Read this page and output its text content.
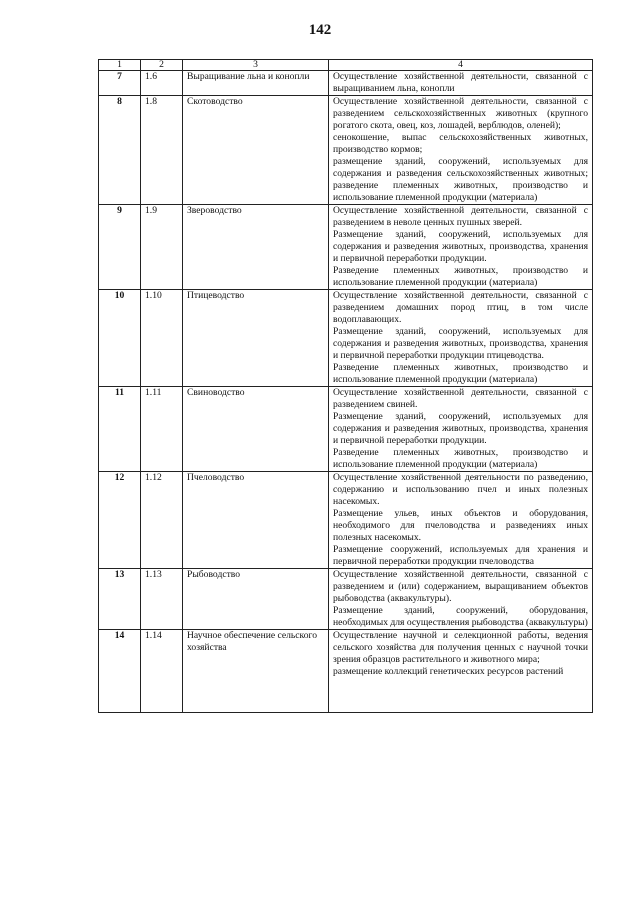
142
1	2	3	4
7	1.6	Выращивание льна и конопли	Осуществление хозяйственной деятельности, связанной с выращиванием льна, конопли

8	1.8	Скотоводство	Осуществление хозяйственной деятельности, связанной с разведением сельскохозяйственных животных (крупного рогатого скота, овец, коз, лошадей, верблюдов, оленей);

сенокошение, выпас сельскохозяйственных животных, производство кормов;

размещение зданий, сооружений, используемых для содержания и разведения сельскохозяйственных животных; разведение племенных животных, производство и использование племенной продукции (материала)

9	1.9	Звероводство	Осуществление хозяйственной деятельности, связанной с разведением в неволе ценных пушных зверей.

Размещение зданий, сооружений, используемых для содержания и разведения животных, производства, хранения и первичной переработки продукции.

Разведение племенных животных, производство и использование племенной продукции (материала)

10	1.10	Птицеводство	Осуществление хозяйственной деятельности, связанной с разведением домашних пород птиц, в том числе водоплавающих.

Размещение зданий, сооружений, используемых для содержания и разведения животных, производства, хранения и первичной переработки продукции птицеводства.

Разведение племенных животных, производство и использование племенной продукции (материала)

11	1.11	Свиноводство	Осуществление хозяйственной деятельности, связанной с разведением свиней.

Размещение зданий, сооружений, используемых для содержания и разведения животных, производства, хранения и первичной переработки продукции.

Разведение племенных животных, производство и использование племенной продукции (материала)

12	1.12	Пчеловодство	Осуществление хозяйственной деятельности по разведению, содержанию и использованию пчел и иных полезных насекомых.

Размещение ульев, иных объектов и оборудования, необходимого для пчеловодства и разведениях иных полезных насекомых.

Размещение сооружений, используемых для хранения и первичной переработки продукции пчеловодства

13	1.13	Рыбоводство	Осуществление хозяйственной деятельности, связанной с разведением и (или) содержанием, выращиванием объектов рыбоводства (аквакультуры).

Размещение зданий, сооружений, оборудования, необходимых для осуществления рыбоводства (аквакультуры)

14	1.14	Научное обеспечение сельского хозяйства	Осуществление научной и селекционной работы, ведения сельского хозяйства для получения ценных с научной точки зрения образцов растительного и животного мира;

размещение коллекций генетических ресурсов растений
